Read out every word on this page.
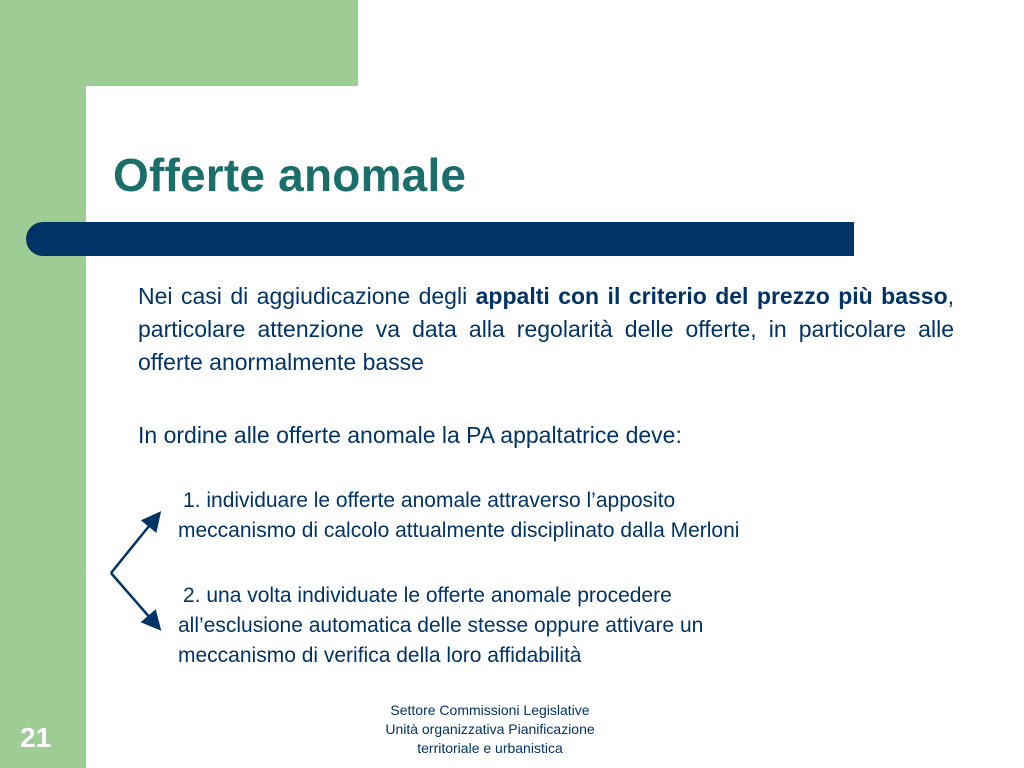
Offerte anomale

Nei casi di aggiudicazione degli appalti con il criterio del prezzo più basso, particolare attenzione va data alla regolarità delle offerte, in particolare alle offerte anormalmente basse

In ordine alle offerte anomale la PA appaltatrice deve:

1. individuare le offerte anomale attraverso l’apposito
meccanismo di calcolo attualmente disciplinato dalla Merloni
2. una volta individuate le offerte anomale procedere
all’esclusione automatica delle stesse oppure attivare un
meccanismo di verifica della loro affidabilità
21
Settore Commissioni Legislative
Unità organizzativa Pianificazione
territoriale e urbanistica
